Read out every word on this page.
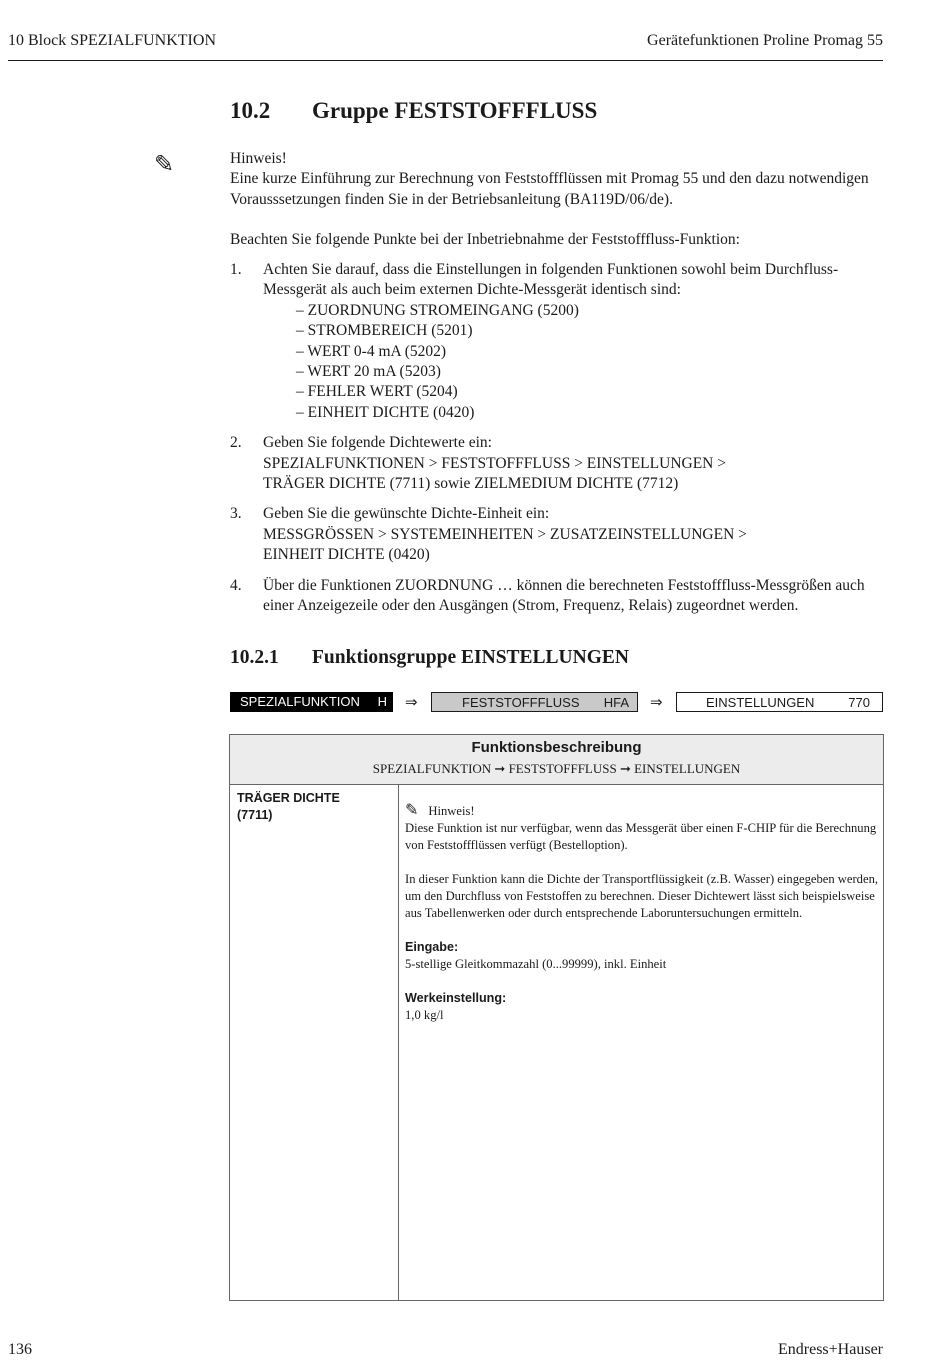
10 Block SPEZIALFUNKTION	Gerätefunktionen Proline Promag 55
10.2 Gruppe FESTSTOFFFLUSS
✎	Hinweis!
Eine kurze Einführung zur Berechnung von Feststoffflüssen mit Promag 55 und den dazu notwendigen Vorausssetzungen finden Sie in der Betriebsanleitung (BA119D/06/de).
Beachten Sie folgende Punkte bei der Inbetriebnahme der Feststofffluss-Funktion:
1. Achten Sie darauf, dass die Einstellungen in folgenden Funktionen sowohl beim Durchfluss-Messgerät als auch beim externen Dichte-Messgerät identisch sind:
– ZUORDNUNG STROMEINGANG (5200)
– STROMBEREICH (5201)
– WERT 0-4 mA (5202)
– WERT 20 mA (5203)
– FEHLER WERT (5204)
– EINHEIT DICHTE (0420)
2. Geben Sie folgende Dichtewerte ein:
SPEZIALFUNKTIONEN > FESTSTOFFFLUSS > EINSTELLUNGEN >
TRÄGER DICHTE (7711) sowie ZIELMEDIUM DICHTE (7712)
3. Geben Sie die gewünschte Dichte-Einheit ein:
MESSGRÖSSEN > SYSTEMEINHEITEN > ZUSATZEINSTELLUNGEN >
EINHEIT DICHTE (0420)
4. Über die Funktionen ZUORDNUNG … können die berechneten Feststofffluss-Messgrößen auch einer Anzeigezeile oder den Ausgängen (Strom, Frequenz, Relais) zugeordnet werden.
10.2.1 Funktionsgruppe EINSTELLUNGEN
SPEZIALFUNKTION H ⇒	FESTSTOFFFLUSS HFA ⇒	EINSTELLUNGEN	770
Funktionsbeschreibung
SPEZIALFUNKTION ➞ FESTSTOFFFLUSS ➞ EINSTELLUNGEN
TRÄGER DICHTE
(7711)	✎ Hinweis!

Diese Funktion ist nur verfügbar, wenn das Messgerät über einen F-CHIP für die Berechnung von Feststoffflüssen verfügt (Bestelloption).

In dieser Funktion kann die Dichte der Transportflüssigkeit (z.B. Wasser) eingegeben werden, um den Durchfluss von Feststoffen zu berechnen. Dieser Dichtewert lässt sich beispielsweise aus Tabellenwerken oder durch entsprechende Laboruntersuchungen ermitteln.

Eingabe:

5-stellige Gleitkommazahl (0...99999), inkl. Einheit

Werkeinstellung:

1,0 kg/l

136	Endress+Hauser
